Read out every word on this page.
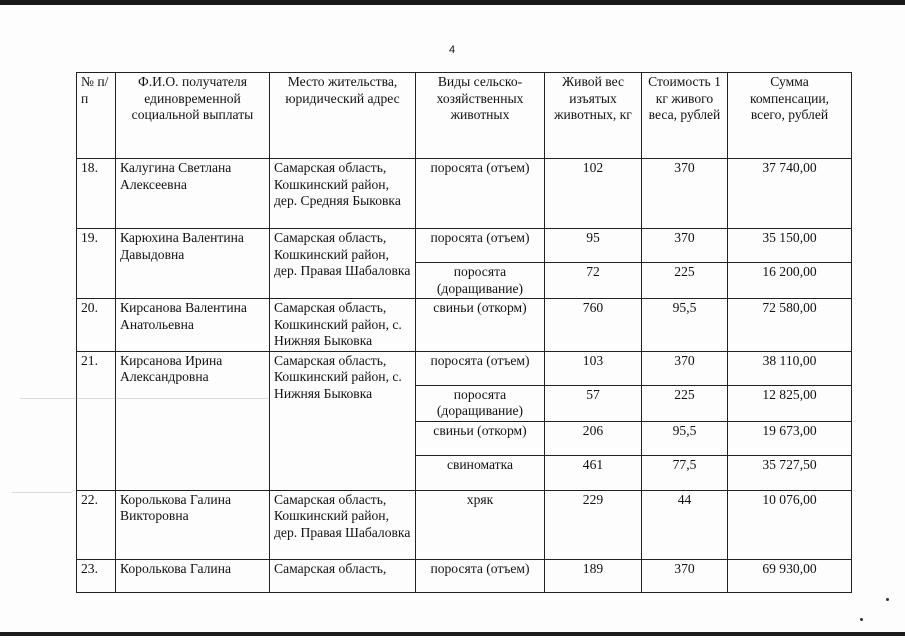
4
№ п/п	Ф.И.О. получателя единовременной социальной выплаты	Место жительства, юридический адрес	Виды сельско-хозяйственных животных	Живой вес изъятых животных, кг	Стоимость 1 кг живого веса, рублей	Сумма компенсации, всего, рублей
18.	Калугина Светлана Алексеевна	Самарская область, Кошкинский район, дер. Средняя Быковка	поросята (отъем)	102	370	37 740,00
19.	Карюхина Валентина Давыдовна	Самарская область, Кошкинский район, дер. Правая Шабаловка	поросята (отъем)	95	370	35 150,00
			поросята (доращивание)	72	225	16 200,00
20.	Кирсанова Валентина Анатольевна	Самарская область, Кошкинский район, с. Нижняя Быковка	свиньи (откорм)	760	95,5	72 580,00
21.	Кирсанова Ирина Александровна	Самарская область, Кошкинский район, с. Нижняя Быковка	поросята (отъем)	103	370	38 110,00
			поросята (доращивание)	57	225	12 825,00
			свиньи (откорм)	206	95,5	19 673,00
			свиноматка	461	77,5	35 727,50
22.	Королькова Галина Викторовна	Самарская область, Кошкинский район, дер. Правая Шабаловка	хряк	229	44	10 076,00
23.	Королькова Галина	Самарская область,	поросята (отъем)	189	370	69 930,00
